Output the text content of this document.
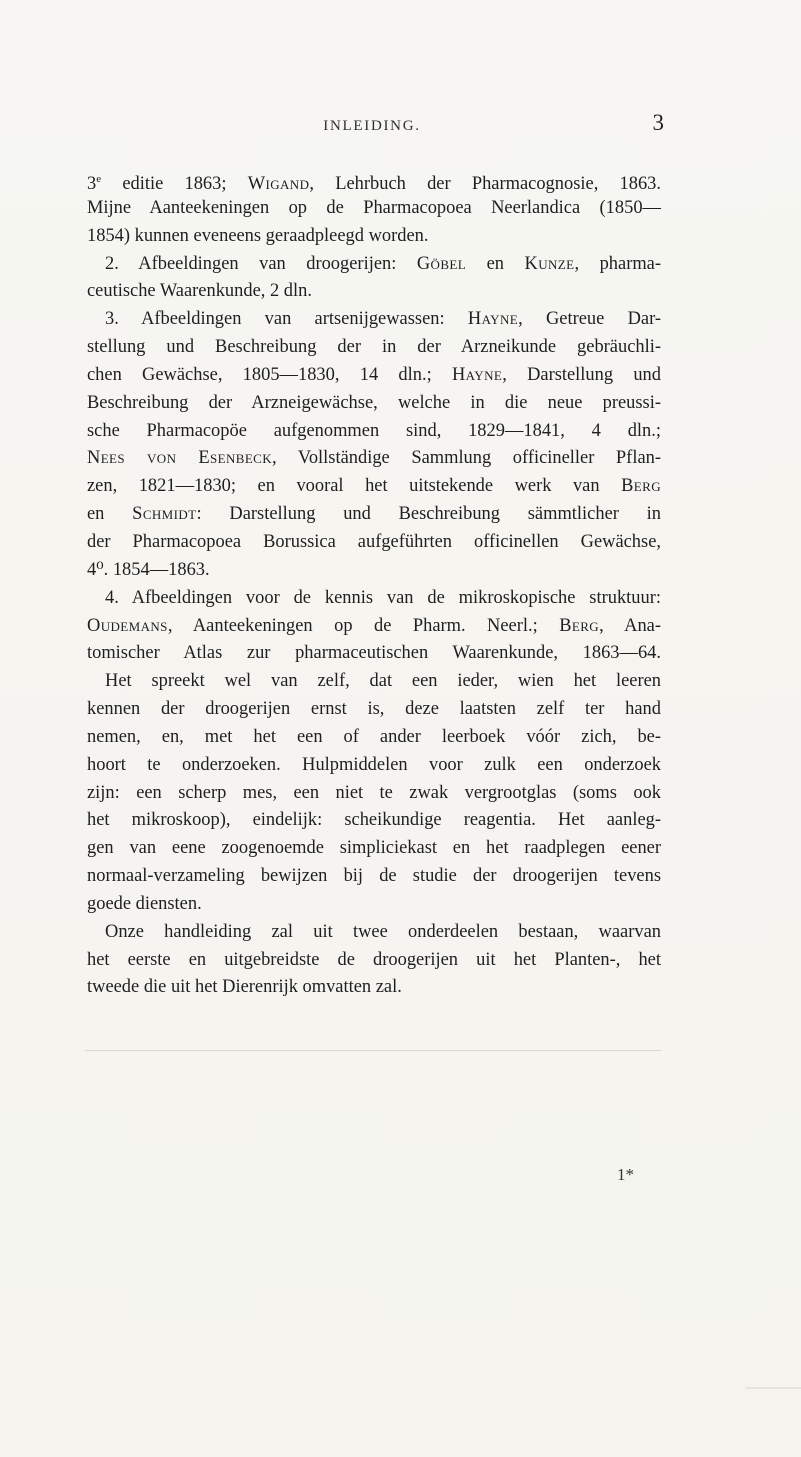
INLEIDING.	3
3e editie 1863; Wigand, Lehrbuch der Pharmacognosie, 1863.
Mijne Aanteekeningen op de Pharmacopoea Neerlandica (1850—
1854) kunnen eveneens geraadpleegd worden.
2. Afbeeldingen van droogerijen: Göbel en Kunze, pharma-
ceutische Waarenkunde, 2 dln.
3. Afbeeldingen van artsenijgewassen: Hayne, Getreue Dar-
stellung und Beschreibung der in der Arzneikunde gebräuchli-
chen Gewächse, 1805—1830, 14 dln.; Hayne, Darstellung und
Beschreibung der Arzneigewächse, welche in die neue preussi-
sche Pharmacopöe aufgenommen sind, 1829—1841, 4 dln.;
Nees von Esenbeck, Vollständige Sammlung officineller Pflan-
zen, 1821—1830; en vooral het uitstekende werk van Berg
en Schmidt: Darstellung und Beschreibung sämmtlicher in
der Pharmacopoea Borussica aufgeführten officinellen Gewächse,
4⁰. 1854—1863.
4. Afbeeldingen voor de kennis van de mikroskopische struktuur:
Oudemans, Aanteekeningen op de Pharm. Neerl.; Berg, Ana-
tomischer Atlas zur pharmaceutischen Waarenkunde, 1863—64.
Het spreekt wel van zelf, dat een ieder, wien het leeren
kennen der droogerijen ernst is, deze laatsten zelf ter hand
nemen, en, met het een of ander leerboek vóór zich, be-
hoort te onderzoeken. Hulpmiddelen voor zulk een onderzoek
zijn: een scherp mes, een niet te zwak vergrootglas (soms ook
het mikroskoop), eindelijk: scheikundige reagentia. Het aanleg-
gen van eene zoogenoemde simpliciekast en het raadplegen eener
normaal-verzameling bewijzen bij de studie der droogerijen tevens
goede diensten.
Onze handleiding zal uit twee onderdeelen bestaan, waarvan
het eerste en uitgebreidste de droogerijen uit het Planten-, het
tweede die uit het Dierenrijk omvatten zal.
1*
